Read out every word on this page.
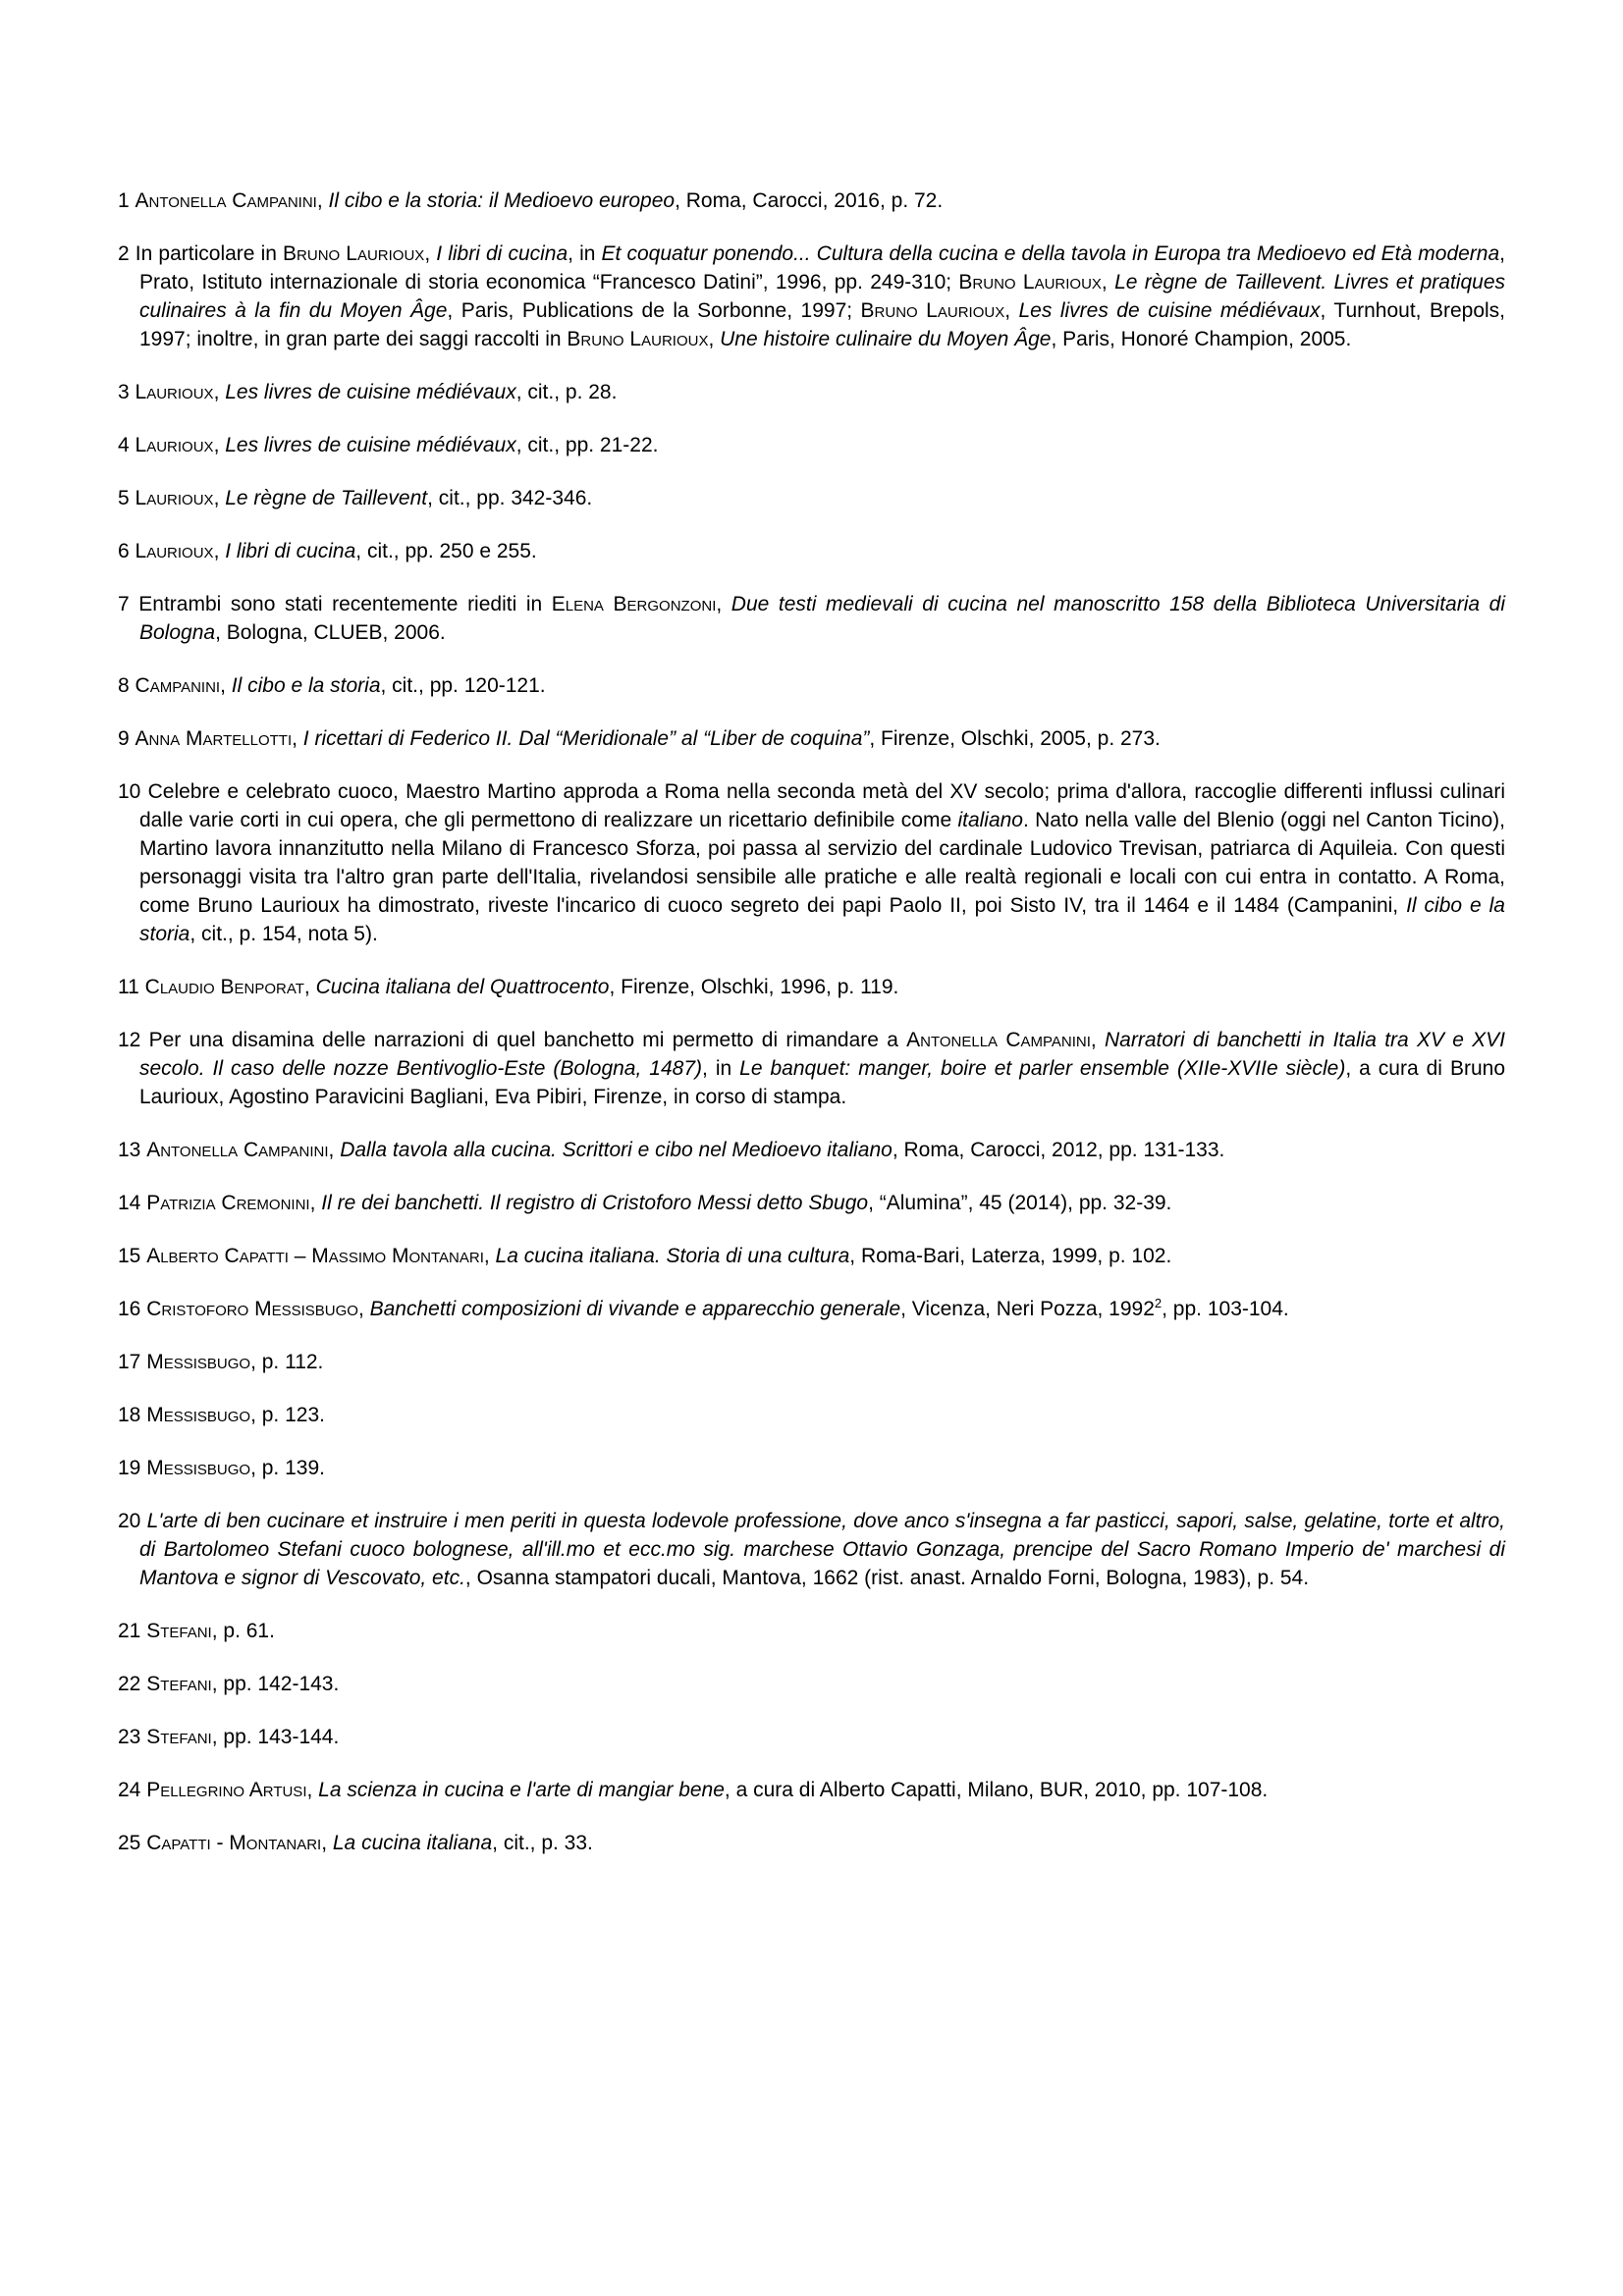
1 Antonella Campanini, Il cibo e la storia: il Medioevo europeo, Roma, Carocci, 2016, p. 72.

2 In particolare in Bruno Laurioux, I libri di cucina, in Et coquatur ponendo... Cultura della cucina e della tavola in Europa tra Medioevo ed Età moderna, Prato, Istituto internazionale di storia economica “Francesco Datini”, 1996, pp. 249-310; Bruno Laurioux, Le règne de Taillevent. Livres et pratiques culinaires à la fin du Moyen Âge, Paris, Publications de la Sorbonne, 1997; Bruno Laurioux, Les livres de cuisine médiévaux, Turnhout, Brepols, 1997; inoltre, in gran parte dei saggi raccolti in Bruno Laurioux, Une histoire culinaire du Moyen Âge, Paris, Honoré Champion, 2005.

3 Laurioux, Les livres de cuisine médiévaux, cit., p. 28.

4 Laurioux, Les livres de cuisine médiévaux, cit., pp. 21-22.

5 Laurioux, Le règne de Taillevent, cit., pp. 342-346.

6 Laurioux, I libri di cucina, cit., pp. 250 e 255.

7 Entrambi sono stati recentemente riediti in Elena Bergonzoni, Due testi medievali di cucina nel manoscritto 158 della Biblioteca Universitaria di Bologna, Bologna, CLUEB, 2006.

8 Campanini, Il cibo e la storia, cit., pp. 120-121.

9 Anna Martellotti, I ricettari di Federico II. Dal “Meridionale” al “Liber de coquina”, Firenze, Olschki, 2005, p. 273.

10 Celebre e celebrato cuoco, Maestro Martino approda a Roma nella seconda metà del XV secolo; prima d'allora, raccoglie differenti influssi culinari dalle varie corti in cui opera, che gli permettono di realizzare un ricettario definibile come italiano. Nato nella valle del Blenio (oggi nel Canton Ticino), Martino lavora innanzitutto nella Milano di Francesco Sforza, poi passa al servizio del cardinale Ludovico Trevisan, patriarca di Aquileia. Con questi personaggi visita tra l'altro gran parte dell'Italia, rivelandosi sensibile alle pratiche e alle realtà regionali e locali con cui entra in contatto. A Roma, come Bruno Laurioux ha dimostrato, riveste l'incarico di cuoco segreto dei papi Paolo II, poi Sisto IV, tra il 1464 e il 1484 (Campanini, Il cibo e la storia, cit., p. 154, nota 5).

11 Claudio Benporat, Cucina italiana del Quattrocento, Firenze, Olschki, 1996, p. 119.

12 Per una disamina delle narrazioni di quel banchetto mi permetto di rimandare a Antonella Campanini, Narratori di banchetti in Italia tra XV e XVI secolo. Il caso delle nozze Bentivoglio-Este (Bologna, 1487), in Le banquet: manger, boire et parler ensemble (XIIe-XVIIe siècle), a cura di Bruno Laurioux, Agostino Paravicini Bagliani, Eva Pibiri, Firenze, in corso di stampa.

13 Antonella Campanini, Dalla tavola alla cucina. Scrittori e cibo nel Medioevo italiano, Roma, Carocci, 2012, pp. 131-133.

14 Patrizia Cremonini, Il re dei banchetti. Il registro di Cristoforo Messi detto Sbugo, “Alumina”, 45 (2014), pp. 32-39.

15 Alberto Capatti – Massimo Montanari, La cucina italiana. Storia di una cultura, Roma-Bari, Laterza, 1999, p. 102.

16 Cristoforo Messisbugo, Banchetti composizioni di vivande e apparecchio generale, Vicenza, Neri Pozza, 1992$^2$, pp. 103-104.

17 Messisbugo, p. 112.

18 Messisbugo, p. 123.

19 Messisbugo, p. 139.

20 L'arte di ben cucinare et instruire i men periti in questa lodevole professione, dove anco s'insegna a far pasticci, sapori, salse, gelatine, torte et altro, di Bartolomeo Stefani cuoco bolognese, all'ill.mo et ecc.mo sig. marchese Ottavio Gonzaga, prencipe del Sacro Romano Imperio de' marchesi di Mantova e signor di Vescovato, etc., Osanna stampatori ducali, Mantova, 1662 (rist. anast. Arnaldo Forni, Bologna, 1983), p. 54.

21 Stefani, p. 61.

22 Stefani, pp. 142-143.

23 Stefani, pp. 143-144.

24 Pellegrino Artusi, La scienza in cucina e l'arte di mangiar bene, a cura di Alberto Capatti, Milano, BUR, 2010, pp. 107-108.

25 Capatti - Montanari, La cucina italiana, cit., p. 33.
